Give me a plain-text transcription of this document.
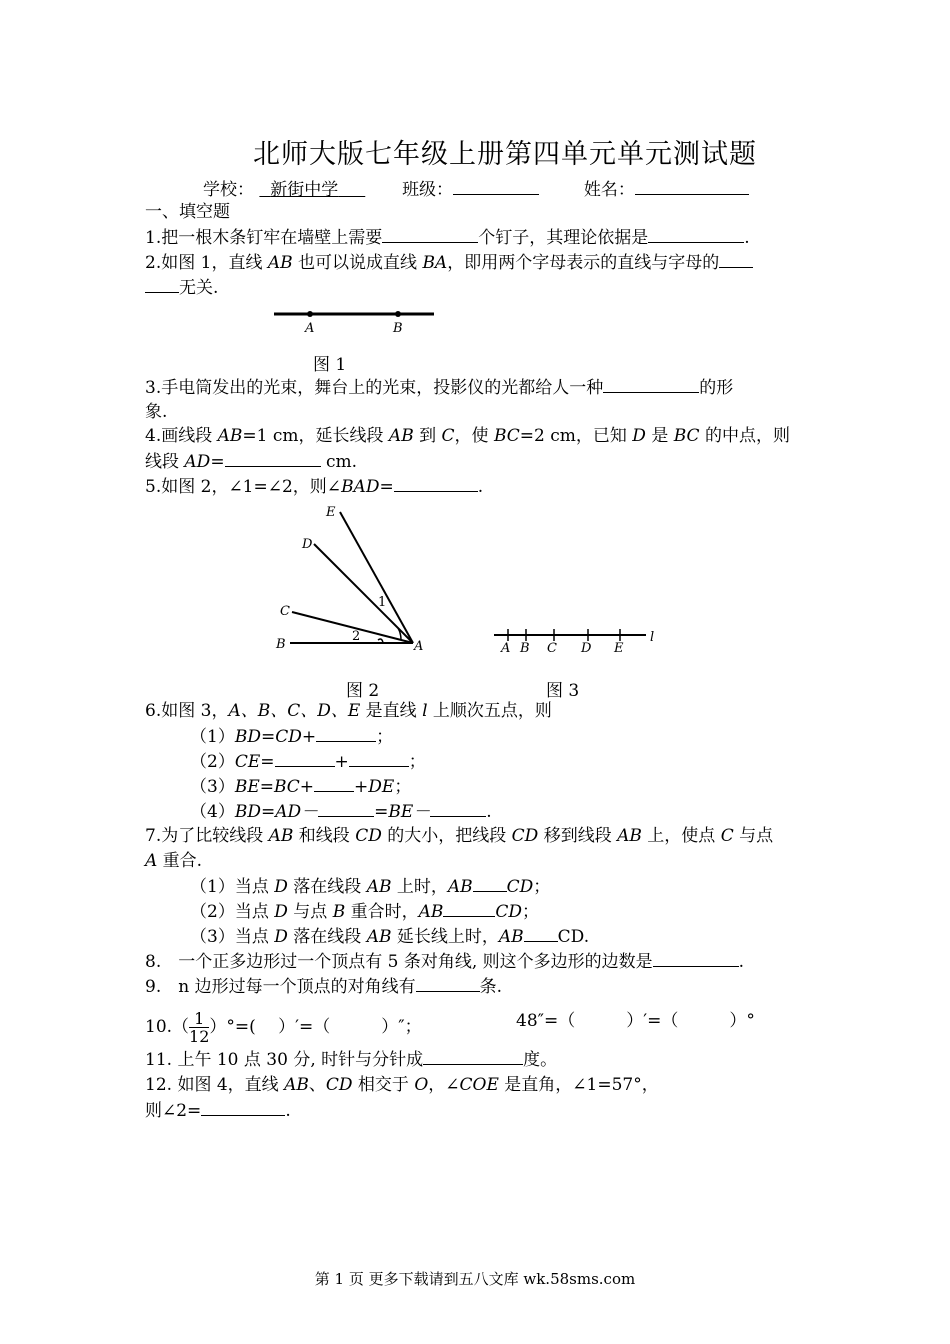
北师大版七年级上册第四单元单元测试题
学校： 新街中学	班级：	姓名：
一、填空题
1.把一根木条钉牢在墙壁上需要	个钉子，其理论依据是	.
2.如图 1，直线 AB 也可以说成直线 BA，即用两个字母表示的直线与字母的
无关.
A	B
图 1
3.手电筒发出的光束，舞台上的光束，投影仪的光都给人一种	的形
象.
4.画线段 AB=1 cm，延长线段 AB 到 C，使 BC=2 cm，已知 D 是 BC 的中点，则
线段 AD=	cm.
5.如图 2，∠1=∠2，则∠BAD=	.
E
D
C
B	A
1
2
图 2
A B C D E
l
图 3
6.如图 3，A、B、C、D、E 是直线 l 上顺次五点，则
（1）BD=CD+	；
（2）CE=	+	；
（3）BE=BC+ +DE；
（4）BD=AD－	=BE－	.
7.为了比较线段 AB 和线段 CD 的大小，把线段 CD 移到线段 AB 上，使点 C 与点
A 重合.
（1）当点 D 落在线段 AB 上时，AB CD；
（2）当点 D 与点 B 重合时，AB	CD；
（3）当点 D 落在线段 AB 延长线上时，AB CD.
8.　一个正多边形过一个顶点有 5 条对角线, 则这个多边形的边数是	.
9.　n 边形过每一个顶点的对角线有	条.
$10.( \frac{1}{12}$ ）°=(　 ）′=（　　　）″；	48″=（　　　）′=（　　　）°
11. 上午 10 点 30 分, 时针与分针成	度。
12. 如图 4，直线 AB、CD 相交于 O，∠COE 是直角，∠1=57°，
则∠2=	.
第 1 页 更多下载请到五八文库 wk.58sms.com
